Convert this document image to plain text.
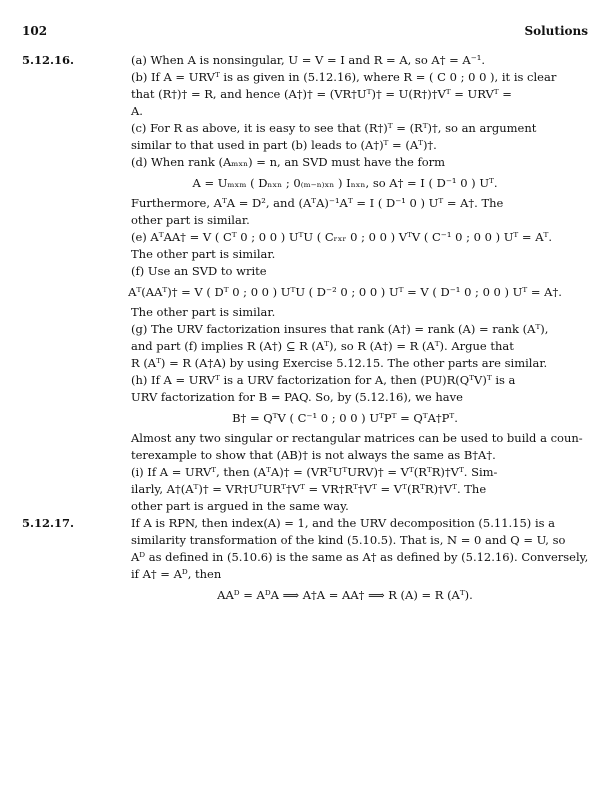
102	Solutions
5.12.16.	(a) When A is nonsingular, U = V = I and R = A, so A† = A⁻¹.
(b) If A = URVᵀ is as given in (5.12.16), where R = ( C 0 ; 0 0 ), it is clear
that (R†)† = R, and hence (A†)† = (VR†Uᵀ)† = U(R†)†Vᵀ = URVᵀ =
A.
(c) For R as above, it is easy to see that (R†)ᵀ = (Rᵀ)†, so an argument
similar to that used in part (b) leads to (A†)ᵀ = (Aᵀ)†.
(d) When rank (Aₘₓₙ) = n, an SVD must have the form
A = Uₘₓₘ ( Dₙₓₙ ; 0₍ₘ₋ₙ₎ₓₙ ) Iₙₓₙ, so A† = I ( D⁻¹ 0 ) Uᵀ.
Furthermore, AᵀA = D², and (AᵀA)⁻¹Aᵀ = I ( D⁻¹ 0 ) Uᵀ = A†. The
other part is similar.
(e) AᵀAA† = V ( Cᵀ 0 ; 0 0 ) UᵀU ( Cᵣₓᵣ 0 ; 0 0 ) VᵀV ( C⁻¹ 0 ; 0 0 ) Uᵀ = Aᵀ.
The other part is similar.
(f) Use an SVD to write
Aᵀ(AAᵀ)† = V ( Dᵀ 0 ; 0 0 ) UᵀU ( D⁻² 0 ; 0 0 ) Uᵀ = V ( D⁻¹ 0 ; 0 0 ) Uᵀ = A†.
The other part is similar.
(g) The URV factorization insures that rank (A†) = rank (A) = rank (Aᵀ),
and part (f) implies R (A†) ⊆ R (Aᵀ), so R (A†) = R (Aᵀ). Argue that
R (Aᵀ) = R (A†A) by using Exercise 5.12.15. The other parts are similar.
(h) If A = URVᵀ is a URV factorization for A, then (PU)R(QᵀV)ᵀ is a
URV factorization for B = PAQ. So, by (5.12.16), we have
B† = QᵀV ( C⁻¹ 0 ; 0 0 ) UᵀPᵀ = QᵀA†Pᵀ.
Almost any two singular or rectangular matrices can be used to build a coun-
terexample to show that (AB)† is not always the same as B†A†.
(i) If A = URVᵀ, then (AᵀA)† = (VRᵀUᵀURV)† = Vᵀ(RᵀR)†Vᵀ. Sim-
ilarly, A†(Aᵀ)† = VR†UᵀURᵀ†Vᵀ = VR†Rᵀ†Vᵀ = Vᵀ(RᵀR)†Vᵀ. The
other part is argued in the same way.
5.12.17.	If A is RPN, then index(A) = 1, and the URV decomposition (5.11.15) is a
similarity transformation of the kind (5.10.5). That is, N = 0 and Q = U, so
Aᴰ as defined in (5.10.6) is the same as A† as defined by (5.12.16). Conversely,
if A† = Aᴰ, then
AAᴰ = AᴰA ⟹ A†A = AA† ⟹ R (A) = R (Aᵀ).
